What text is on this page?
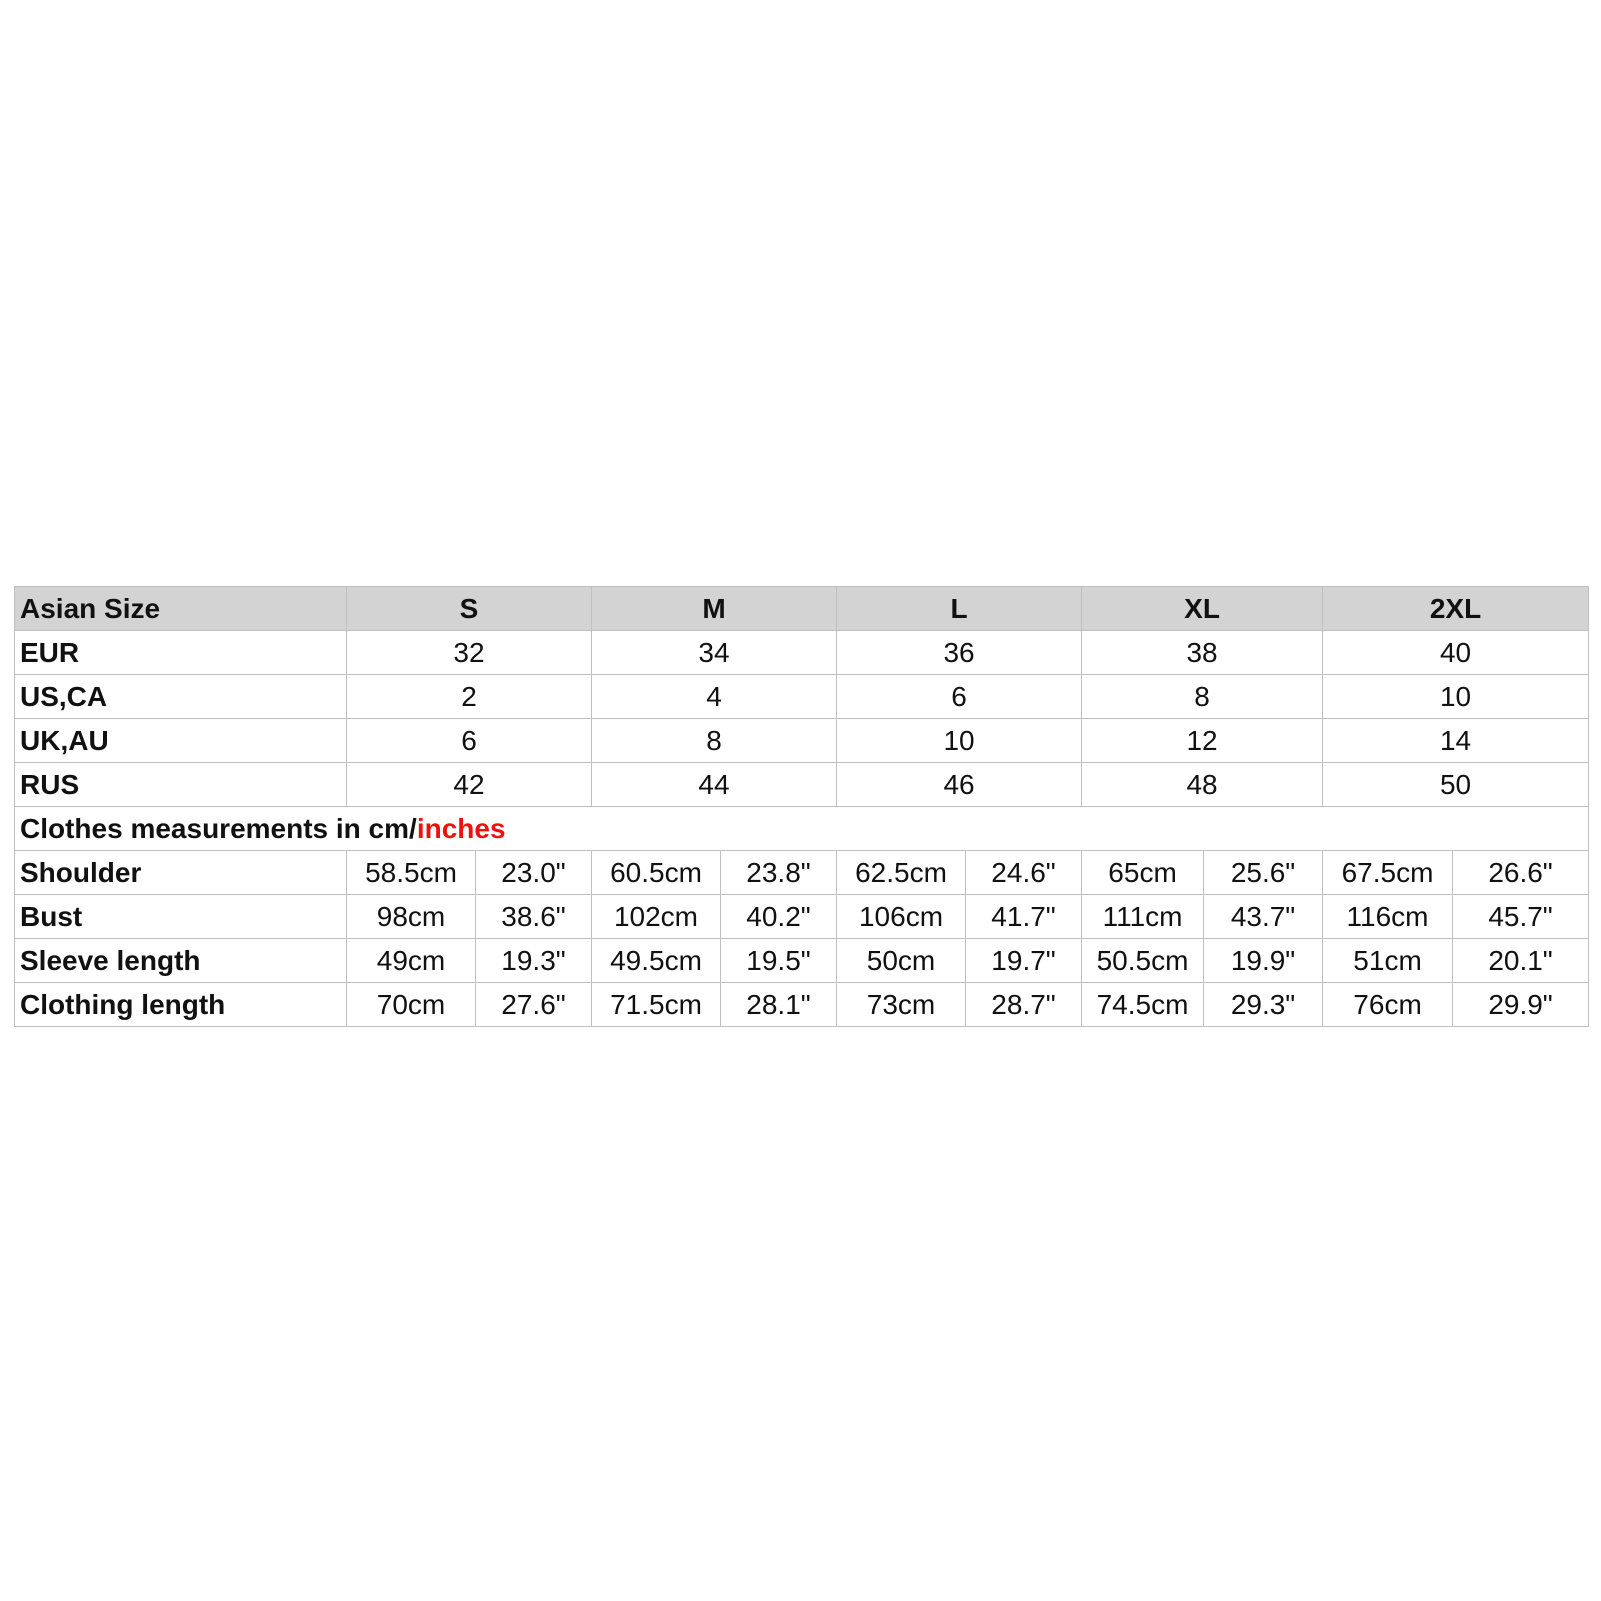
Asian Size	S		M		L		XL		2XL	
EUR	32		34		36		38		40	
US,CA	2		4		6		8		10	
UK,AU	6		8		10		12		14	
RUS	42		44		46		48		50	
Clothes measurements in cm/inches										
Shoulder	58.5cm	23.0"	60.5cm	23.8"	62.5cm	24.6"	65cm	25.6"	67.5cm	26.6"
Bust	98cm	38.6"	102cm	40.2"	106cm	41.7"	111cm	43.7"	116cm	45.7"
Sleeve length	49cm	19.3"	49.5cm	19.5"	50cm	19.7"	50.5cm	19.9"	51cm	20.1"
Clothing length	70cm	27.6"	71.5cm	28.1"	73cm	28.7"	74.5cm	29.3"	76cm	29.9"
